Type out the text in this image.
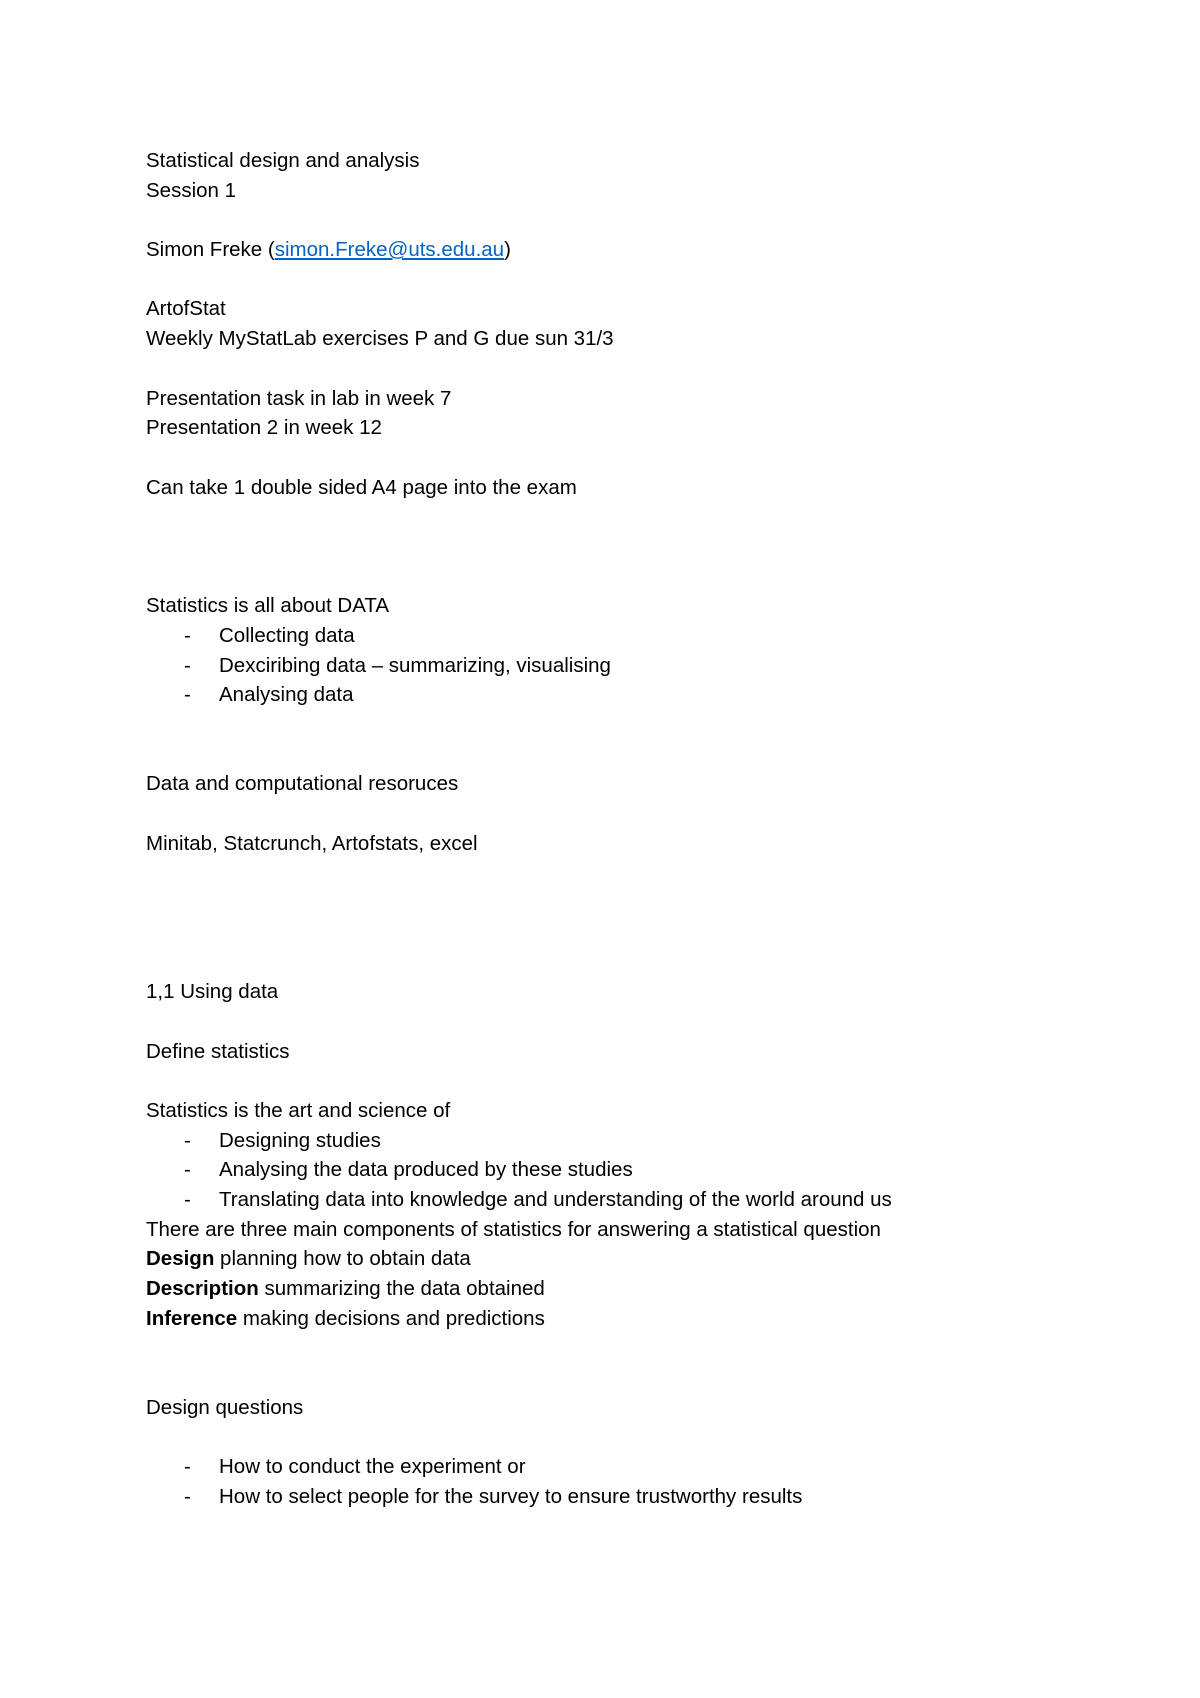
Statistical design and analysis
Session 1
Simon Freke (simon.Freke@uts.edu.au)
ArtofStat
Weekly MyStatLab exercises P and G due sun 31/3
Presentation task in lab in week 7
Presentation 2 in week 12
Can take 1 double sided A4 page into the exam
Statistics is all about DATA
- Collecting data
- Dexciribing data – summarizing, visualising
- Analysing data
Data and computational resoruces
Minitab, Statcrunch, Artofstats, excel
1,1 Using data
Define statistics
Statistics is the art and science of
- Designing studies
- Analysing the data produced by these studies
- Translating data into knowledge and understanding of the world around us
There are three main components of statistics for answering a statistical question
Design planning how to obtain data
Description summarizing the data obtained
Inference making decisions and predictions
Design questions
- How to conduct the experiment or
- How to select people for the survey to ensure trustworthy results
